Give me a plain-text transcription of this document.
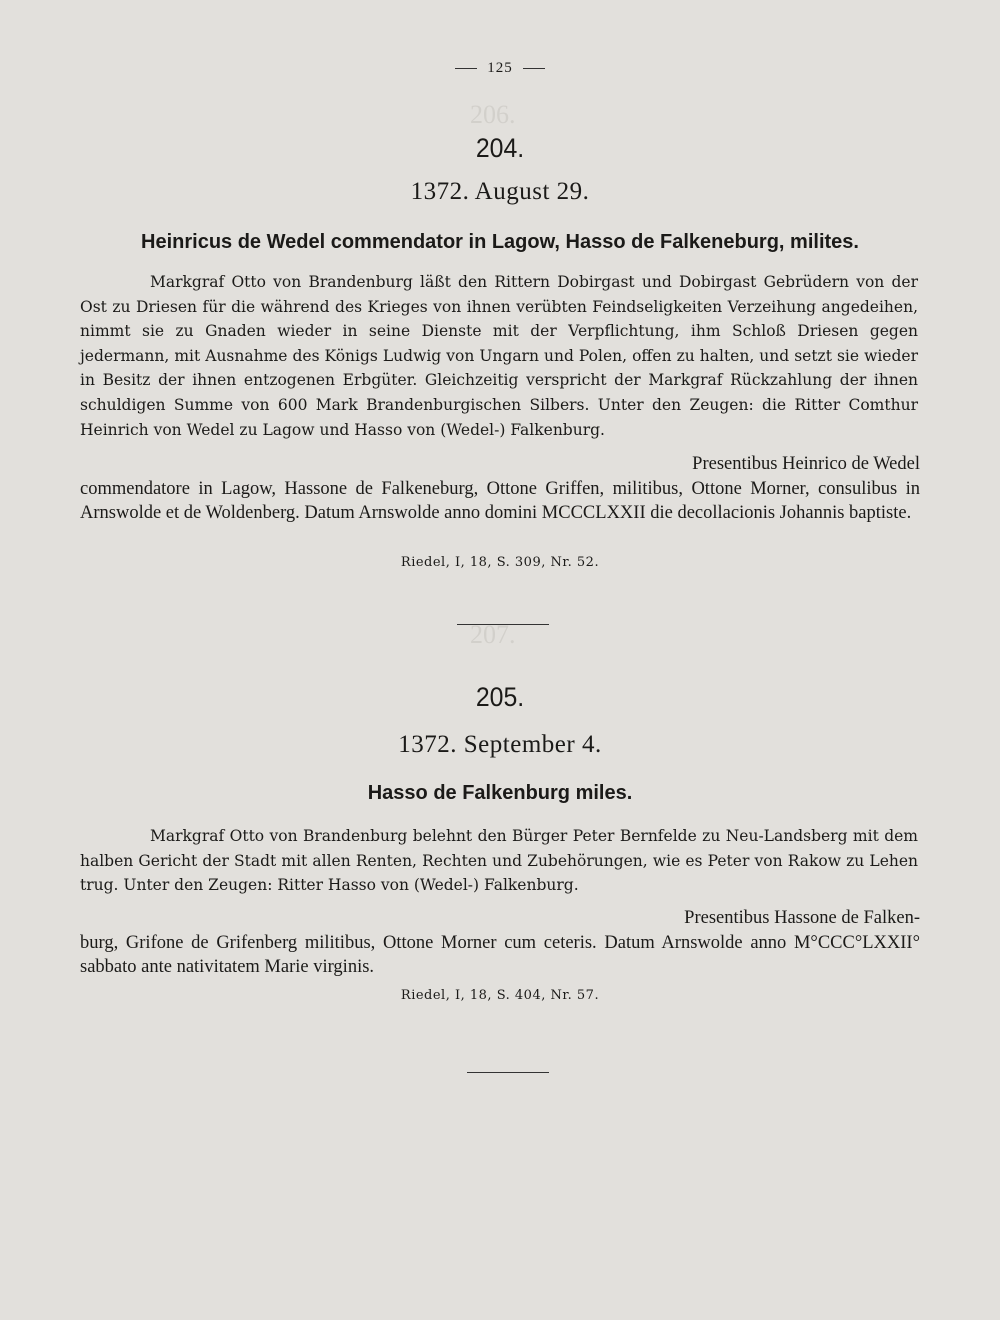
206.
207.
125
204.
1372. August 29.
Heinricus de Wedel commendator in Lagow, Hasso de Falkeneburg, milites.

Markgraf Otto von Brandenburg läßt den Rittern Dobirgast und Dobirgast Gebrüdern von der Ost zu Driesen für die während des Krieges von ihnen verübten Feindseligkeiten Verzeihung angedeihen, nimmt sie zu Gnaden wieder in seine Dienste mit der Verpflichtung, ihm Schloß Driesen gegen jedermann, mit Ausnahme des Königs Ludwig von Ungarn und Polen, offen zu halten, und setzt sie wieder in Besitz der ihnen entzogenen Erbgüter. Gleichzeitig verspricht der Markgraf Rückzahlung der ihnen schuldigen Summe von 600 Mark Brandenburgischen Silbers. Unter den Zeugen: die Ritter Comthur Heinrich von Wedel zu Lagow und Hasso von (Wedel-) Falkenburg.

Presentibus Heinrico de Wedel
commendatore in Lagow, Hassone de Falkeneburg, Ottone Griffen, militibus, Ottone Morner, consulibus in Arnswolde et de Woldenberg. Datum Arnswolde anno domini MCCCLXXII die decollacionis Johannis baptiste.
Riedel, I, 18, S. 309, Nr. 52.
205.
1372. September 4.
Hasso de Falkenburg miles.

Markgraf Otto von Brandenburg belehnt den Bürger Peter Bernfelde zu Neu-Landsberg mit dem halben Gericht der Stadt mit allen Renten, Rechten und Zubehörungen, wie es Peter von Rakow zu Lehen trug. Unter den Zeugen: Ritter Hasso von (Wedel-) Falkenburg.

Presentibus Hassone de Falken-
burg, Grifone de Grifenberg militibus, Ottone Morner cum ceteris. Datum Arnswolde anno M°CCC°LXXII° sabbato ante nativitatem Marie virginis.
Riedel, I, 18, S. 404, Nr. 57.
